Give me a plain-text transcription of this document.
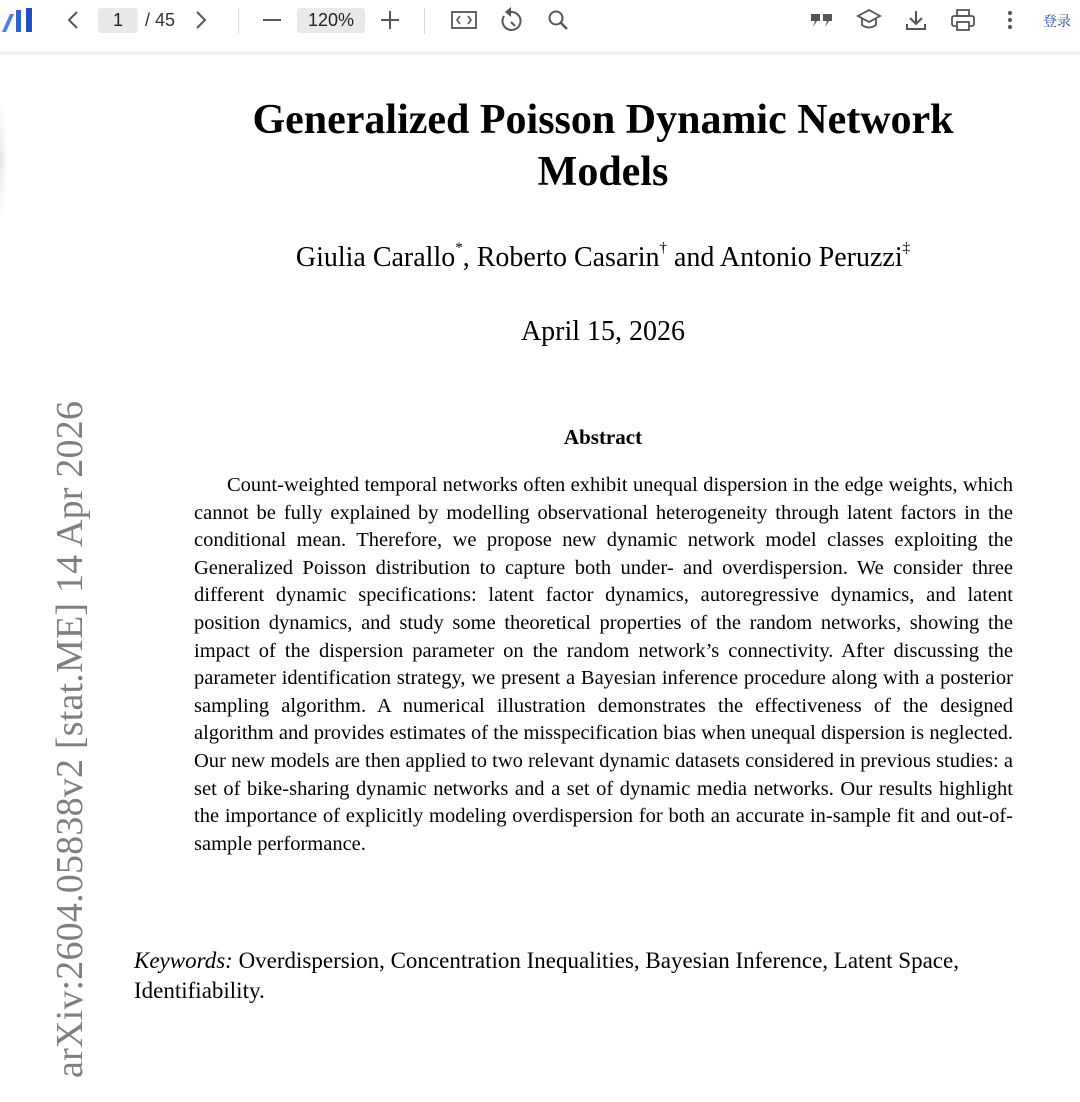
1	/ 45	120%	登录
arXiv:2604.05838v2 [stat.ME] 14 Apr 2026
Generalized Poisson Dynamic Network Models
Giulia Carallo*, Roberto Casarin† and Antonio Peruzzi‡
April 15, 2026
Abstract
Count-weighted temporal networks often exhibit unequal dispersion in the edge weights, which cannot be fully explained by modelling observational heterogeneity through latent factors in the conditional mean. Therefore, we propose new dynamic network model classes exploiting the Generalized Poisson distribution to capture both under- and overdispersion. We consider three different dynamic specifications: latent factor dynamics, autoregressive dynamics, and latent position dynamics, and study some theoretical properties of the random networks, showing the impact of the dispersion parameter on the random network’s connectivity. After discussing the parameter identification strategy, we present a Bayesian inference procedure along with a posterior sampling algorithm. A numerical illustration demonstrates the effectiveness of the designed algorithm and provides estimates of the misspecification bias when unequal dispersion is neglected. Our new models are then applied to two relevant dynamic datasets considered in previous studies: a set of bike-sharing dynamic networks and a set of dynamic media networks. Our results highlight the importance of explicitly modeling overdispersion for both an accurate in-sample fit and out-of-sample performance.
Keywords: Overdispersion, Concentration Inequalities, Bayesian Inference, Latent Space, Identifiability.
